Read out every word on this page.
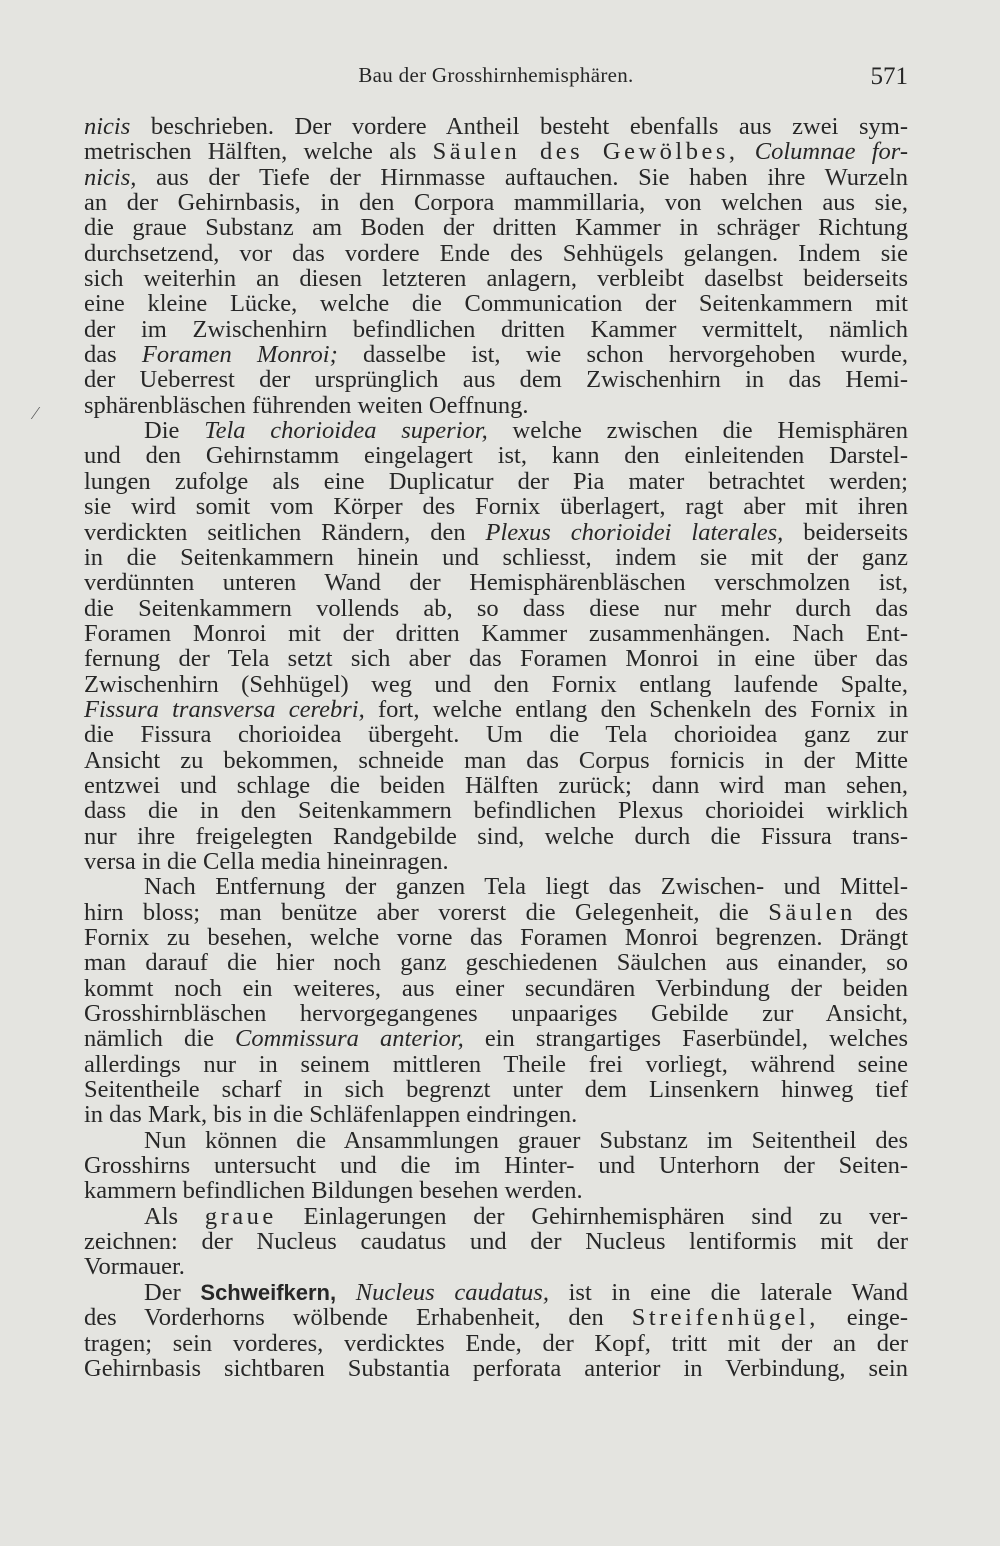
Bau der Grosshirnhemisphären.	571
⁄
nicis beschrieben. Der vordere Antheil besteht ebenfalls aus zwei sym-
metrischen Hälften, welche als Säulen des Gewölbes, Columnae for-
nicis, aus der Tiefe der Hirnmasse auftauchen. Sie haben ihre Wurzeln
an der Gehirnbasis, in den Corpora mammillaria, von welchen aus sie,
die graue Substanz am Boden der dritten Kammer in schräger Richtung
durchsetzend, vor das vordere Ende des Sehhügels gelangen. Indem sie
sich weiterhin an diesen letzteren anlagern, verbleibt daselbst beiderseits
eine kleine Lücke, welche die Communication der Seitenkammern mit
der im Zwischenhirn befindlichen dritten Kammer vermittelt, nämlich
das Foramen Monroi; dasselbe ist, wie schon hervorgehoben wurde,
der Ueberrest der ursprünglich aus dem Zwischenhirn in das Hemi-
sphärenbläschen führenden weiten Oeffnung.
Die Tela chorioidea superior, welche zwischen die Hemisphären
und den Gehirnstamm eingelagert ist, kann den einleitenden Darstel-
lungen zufolge als eine Duplicatur der Pia mater betrachtet werden;
sie wird somit vom Körper des Fornix überlagert, ragt aber mit ihren
verdickten seitlichen Rändern, den Plexus chorioidei laterales, beiderseits
in die Seitenkammern hinein und schliesst, indem sie mit der ganz
verdünnten unteren Wand der Hemisphärenbläschen verschmolzen ist,
die Seitenkammern vollends ab, so dass diese nur mehr durch das
Foramen Monroi mit der dritten Kammer zusammenhängen. Nach Ent-
fernung der Tela setzt sich aber das Foramen Monroi in eine über das
Zwischenhirn (Sehhügel) weg und den Fornix entlang laufende Spalte,
Fissura transversa cerebri, fort, welche entlang den Schenkeln des Fornix in
die Fissura chorioidea übergeht. Um die Tela chorioidea ganz zur
Ansicht zu bekommen, schneide man das Corpus fornicis in der Mitte
entzwei und schlage die beiden Hälften zurück; dann wird man sehen,
dass die in den Seitenkammern befindlichen Plexus chorioidei wirklich
nur ihre freigelegten Randgebilde sind, welche durch die Fissura trans-
versa in die Cella media hineinragen.
Nach Entfernung der ganzen Tela liegt das Zwischen- und Mittel-
hirn bloss; man benütze aber vorerst die Gelegenheit, die Säulen des
Fornix zu besehen, welche vorne das Foramen Monroi begrenzen. Drängt
man darauf die hier noch ganz geschiedenen Säulchen aus einander, so
kommt noch ein weiteres, aus einer secundären Verbindung der beiden
Grosshirnbläschen hervorgegangenes unpaariges Gebilde zur Ansicht,
nämlich die Commissura anterior, ein strangartiges Faserbündel, welches
allerdings nur in seinem mittleren Theile frei vorliegt, während seine
Seitentheile scharf in sich begrenzt unter dem Linsenkern hinweg tief
in das Mark, bis in die Schläfenlappen eindringen.
Nun können die Ansammlungen grauer Substanz im Seitentheil des
Grosshirns untersucht und die im Hinter- und Unterhorn der Seiten-
kammern befindlichen Bildungen besehen werden.
Als graue Einlagerungen der Gehirnhemisphären sind zu ver-
zeichnen: der Nucleus caudatus und der Nucleus lentiformis mit der
Vormauer.
Der Schweifkern, Nucleus caudatus, ist in eine die laterale Wand
des Vorderhorns wölbende Erhabenheit, den Streifenhügel, einge-
tragen; sein vorderes, verdicktes Ende, der Kopf, tritt mit der an der
Gehirnbasis sichtbaren Substantia perforata anterior in Verbindung, sein
